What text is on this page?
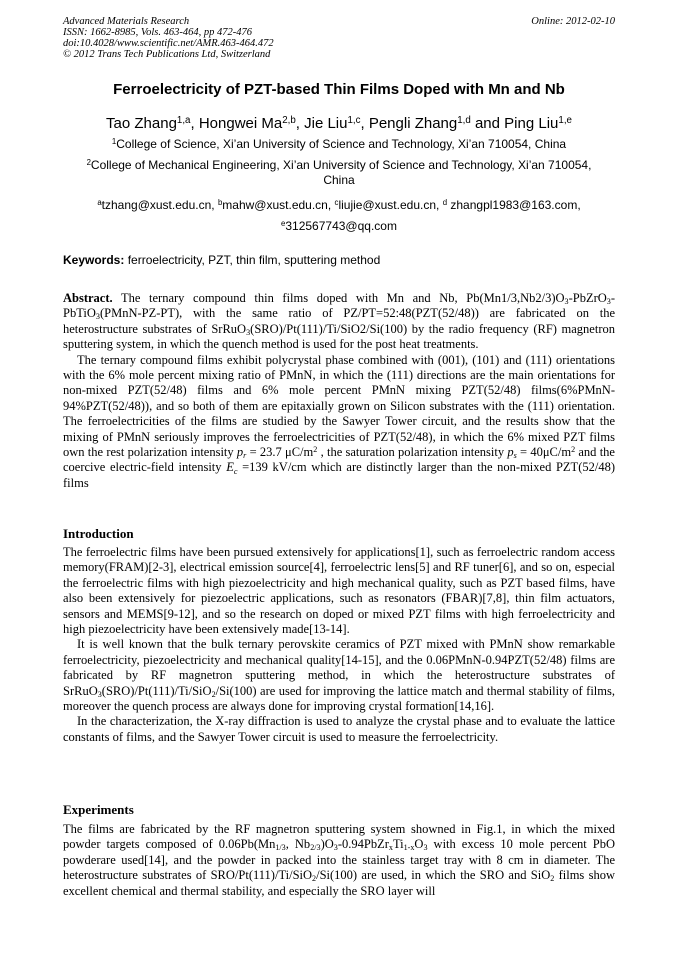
Advanced Materials Research
ISSN: 1662-8985, Vols. 463-464, pp 472-476
doi:10.4028/www.scientific.net/AMR.463-464.472
© 2012 Trans Tech Publications Ltd, Switzerland
Online: 2012-02-10
Ferroelectricity of PZT-based Thin Films Doped with Mn and Nb
Tao Zhang$^{1,a}$, Hongwei Ma$^{2,b}$, Jie Liu$^{1,c}$, Pengli Zhang$^{1,d}$ and Ping Liu$^{1,e}$
$^1$College of Science, Xi’an University of Science and Technology, Xi’an 710054, China
$^2$College of Mechanical Engineering, Xi’an University of Science and Technology, Xi’an 710054, China
$^a$tzhang@xust.edu.cn, $^b$mahw@xust.edu.cn, $^c$liujie@xust.edu.cn, $^d$ zhangpl1983@163.com,
$^e$312567743@qq.com
Keywords: ferroelectricity, PZT, thin film, sputtering method

Abstract. The ternary compound thin films doped with Mn and Nb, $Pb(Mn1/3,Nb2/3)O_3-PbZrO_3-PbTiO_3(PMnN-PZ-PT)$, with the same ratio of PZ/PT=52:48(PZT(52/48)) are fabricated on the heterostructure substrates of SrRuO$_3$(SRO)/Pt(111)/Ti/SiO2/Si(100) by the radio frequency (RF) magnetron sputtering system, in which the quench method is used for the post heat treatments.

The ternary compound films exhibit polycrystal phase combined with (001), (101) and (111) orientations with the 6% mole percent mixing ratio of PMnN, in which the (111) directions are the main orientations for non-mixed PZT(52/48) films and 6% mole percent PMnN mixing PZT(52/48) films(6%PMnN-94%PZT(52/48)), and so both of them are epitaxially grown on Silicon substrates with the (111) orientation. The ferroelectricities of the films are studied by the Sawyer Tower circuit, and the results show that the mixing of PMnN seriously improves the ferroelectricities of PZT(52/48), in which the 6% mixed PZT films own the rest polarization intensity $p_r = 23.7$ $\mu C/m^2$ , the saturation polarization intensity $p_s = 40\mu C/m^2$ and the coercive electric-field intensity $E_c =139$ kV/cm which are distinctly larger than the non-mixed PZT(52/48) films

Introduction

The ferroelectric films have been pursued extensively for applications[1], such as ferroelectric random access memory(FRAM)[2-3], electrical emission source[4], ferroelectric lens[5] and RF tuner[6], and so on, especial the ferroelectric films with high piezoelectricity and high mechanical quality, such as PZT based films, have also been extensively for piezoelectric applications, such as resonators (FBAR)[7,8], thin film actuators, sensors and MEMS[9-12], and so the research on doped or mixed PZT films with high ferroelectricity and high piezoelectricity have been extensively made[13-14].

It is well known that the bulk ternary perovskite ceramics of PZT mixed with PMnN show remarkable ferroelectricity, piezoelectricity and mechanical quality[14-15], and the 0.06PMnN-0.94PZT(52/48) films are fabricated by RF magnetron sputtering method, in which the heterostructure substrates of SrRuO$_3$(SRO)/Pt(111)/Ti/SiO$_2$/Si(100) are used for improving the lattice match and thermal stability of films, moreover the quench process are always done for improving crystal formation[14,16].

In the characterization, the X-ray diffraction is used to analyze the crystal phase and to evaluate the lattice constants of films, and the Sawyer Tower circuit is used to measure the ferroelectricity.

Experiments

The films are fabricated by the RF magnetron sputtering system showned in Fig.1, in which the mixed powder targets composed of $0.06Pb(Mn_{1/3}$, $Nb_{2/3})O_3-0.94PbZr_xTi_{1-x}O_3$ with excess 10 mole percent PbO powderare used[14], and the powder in packed into the stainless target tray with 8 cm in diameter. The heterostructure substrates of SRO/Pt(111)/Ti/SiO$_2$/Si(100) are used, in which the SRO and SiO$_2$ films show excellent chemical and thermal stability, and especially the SRO layer will
